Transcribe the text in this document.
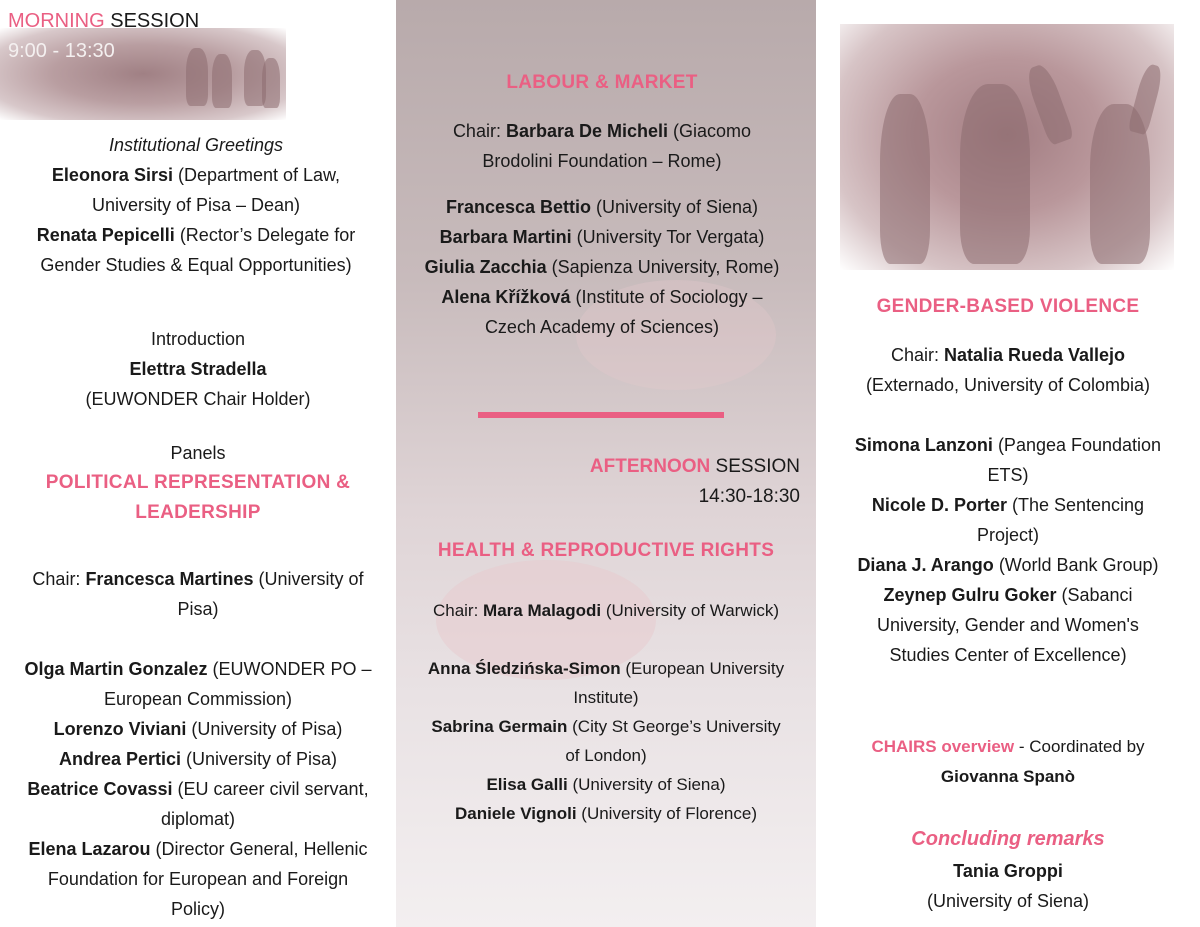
MORNING SESSION
9:00 - 13:30
Institutional Greetings
Eleonora Sirsi (Department of Law,
University of Pisa – Dean)
Renata Pepicelli (Rector’s Delegate for
Gender Studies & Equal Opportunities)
Introduction
Elettra Stradella
(EUWONDER Chair Holder)
Panels
POLITICAL REPRESENTATION &
LEADERSHIP
Chair: Francesca Martines (University of
Pisa)
Olga Martin Gonzalez (EUWONDER PO –
European Commission)
Lorenzo Viviani (University of Pisa)
Andrea Pertici (University of Pisa)
Beatrice Covassi (EU career civil servant,
diplomat)
Elena Lazarou (Director General, Hellenic
Foundation for European and Foreign
Policy)
LABOUR & MARKET
Chair: Barbara De Micheli (Giacomo
Brodolini Foundation – Rome)
Francesca Bettio (University of Siena)
Barbara Martini (University Tor Vergata)
Giulia Zacchia (Sapienza University, Rome)
Alena Křížková (Institute of Sociology –
Czech Academy of Sciences)
AFTERNOON SESSION
14:30-18:30
HEALTH & REPRODUCTIVE RIGHTS
Chair: Mara Malagodi (University of Warwick)
Anna Śledzińska-Simon (European University
Institute)
Sabrina Germain (City St George’s University
of London)
Elisa Galli (University of Siena)
Daniele Vignoli (University of Florence)
GENDER-BASED VIOLENCE
Chair: Natalia Rueda Vallejo
(Externado, University of Colombia)
Simona Lanzoni (Pangea Foundation
ETS)
Nicole D. Porter (The Sentencing
Project)
Diana J. Arango (World Bank Group)
Zeynep Gulru Goker (Sabanci
University, Gender and Women's
Studies Center of Excellence)
CHAIRS overview - Coordinated by
Giovanna Spanò
Concluding remarks
Tania Groppi
(University of Siena)
